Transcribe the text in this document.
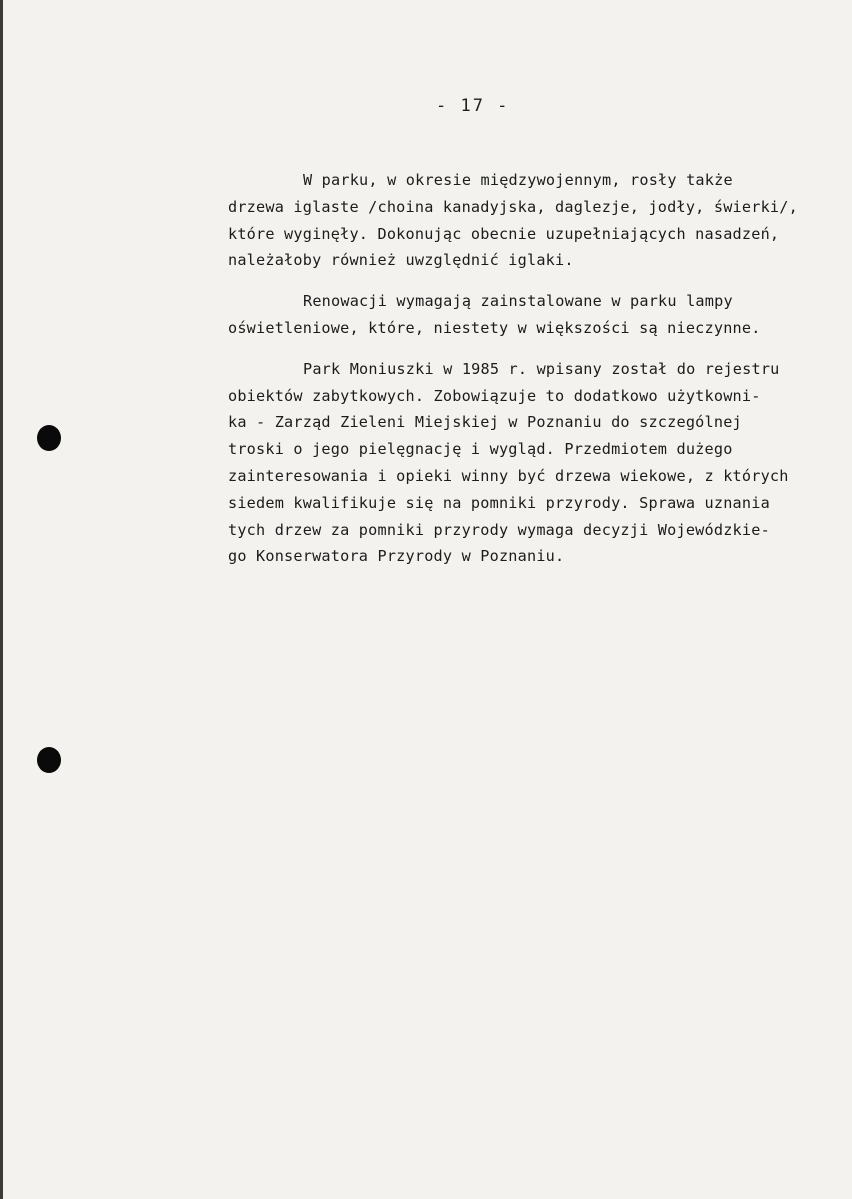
- 17 -

W parku, w okresie międzywojennym, rosły także
drzewa iglaste /choina kanadyjska, daglezje, jodły, świerki/,
które wyginęły. Dokonując obecnie uzupełniających nasadzeń,
należałoby również uwzględnić iglaki.

Renowacji wymagają zainstalowane w parku lampy
oświetleniowe, które, niestety w większości są nieczynne.

Park Moniuszki w 1985 r. wpisany został do rejestru
obiektów zabytkowych. Zobowiązuje to dodatkowo użytkowni-
ka - Zarząd Zieleni Miejskiej w Poznaniu do szczególnej
troski o jego pielęgnację i wygląd. Przedmiotem dużego
zainteresowania i opieki winny być drzewa wiekowe, z których
siedem kwalifikuje się na pomniki przyrody. Sprawa uznania
tych drzew za pomniki przyrody wymaga decyzji Wojewódzkie-
go Konserwatora Przyrody w Poznaniu.
